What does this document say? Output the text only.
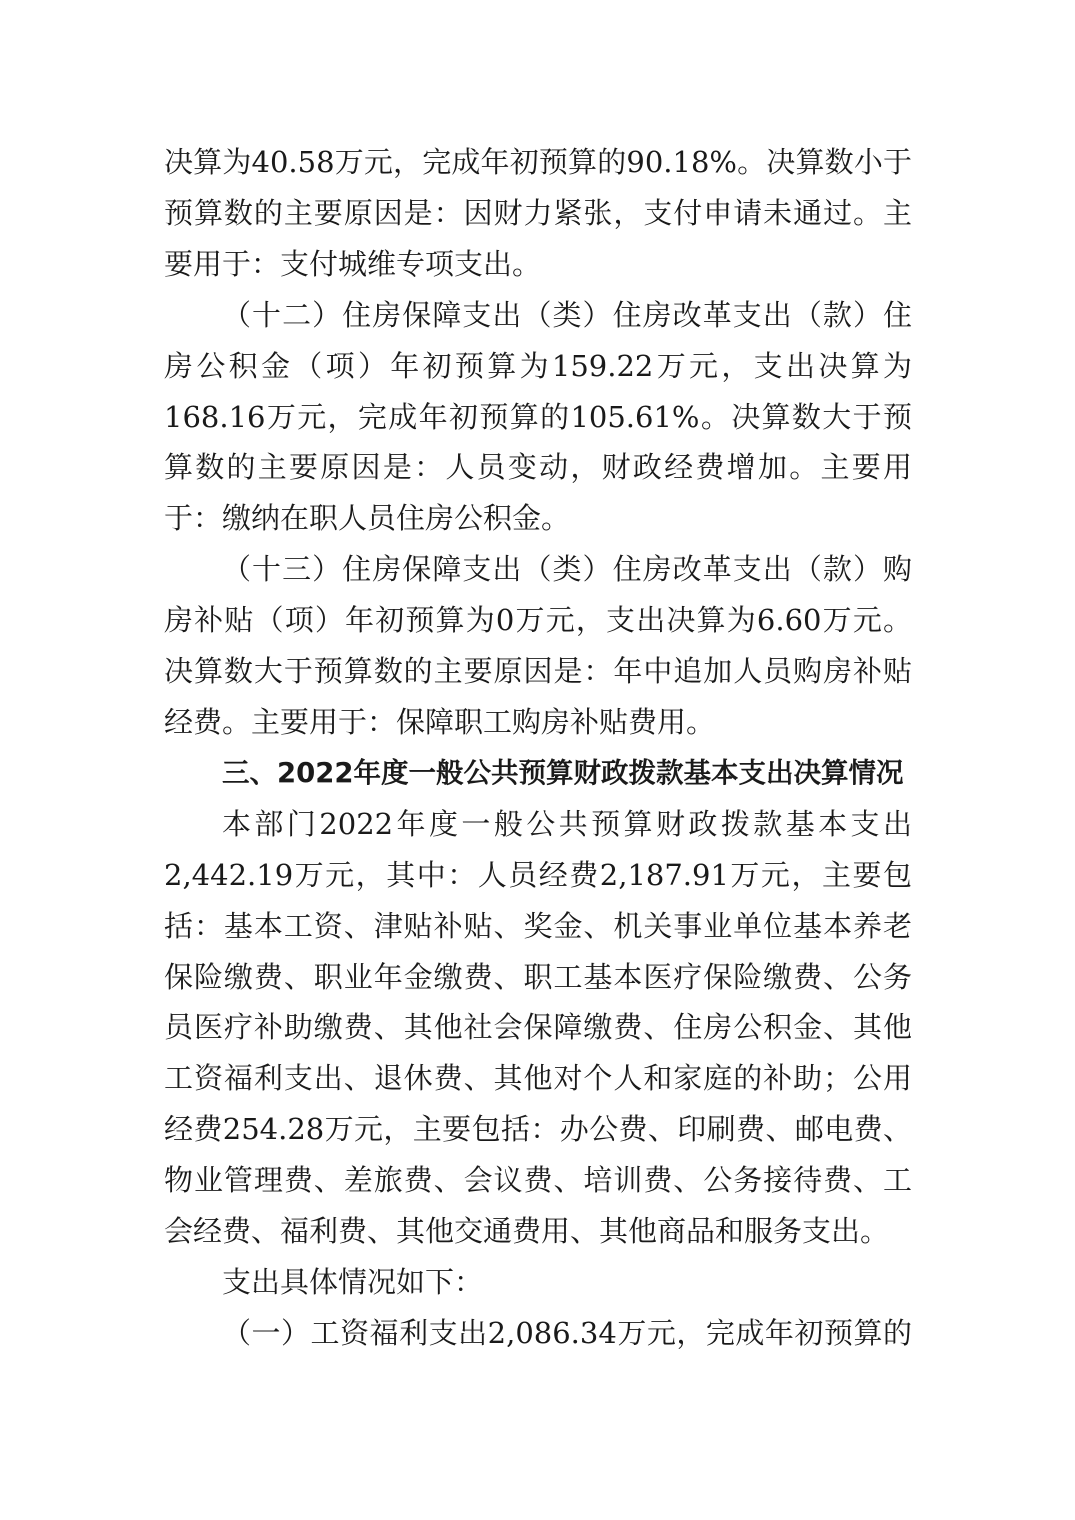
决算为40.58万元，完成年初预算的90.18%。决算数小于预算数的主要原因是：因财力紧张，支付申请未通过。主要用于：支付城维专项支出。

（十二）住房保障支出（类）住房改革支出（款）住房公积金（项）年初预算为159.22万元，支出决算为168.16万元，完成年初预算的105.61%。决算数大于预算数的主要原因是：人员变动，财政经费增加。主要用于：缴纳在职人员住房公积金。

（十三）住房保障支出（类）住房改革支出（款）购房补贴（项）年初预算为0万元，支出决算为6.60万元。决算数大于预算数的主要原因是：年中追加人员购房补贴经费。主要用于：保障职工购房补贴费用。

三、2022年度一般公共预算财政拨款基本支出决算情况

本部门2022年度一般公共预算财政拨款基本支出2,442.19万元，其中：人员经费2,187.91万元，主要包括：基本工资、津贴补贴、奖金、机关事业单位基本养老保险缴费、职业年金缴费、职工基本医疗保险缴费、公务员医疗补助缴费、其他社会保障缴费、住房公积金、其他工资福利支出、退休费、其他对个人和家庭的补助；公用经费254.28万元，主要包括：办公费、印刷费、邮电费、物业管理费、差旅费、会议费、培训费、公务接待费、工会经费、福利费、其他交通费用、其他商品和服务支出。

支出具体情况如下：

（一）工资福利支出2,086.34万元，完成年初预算的
